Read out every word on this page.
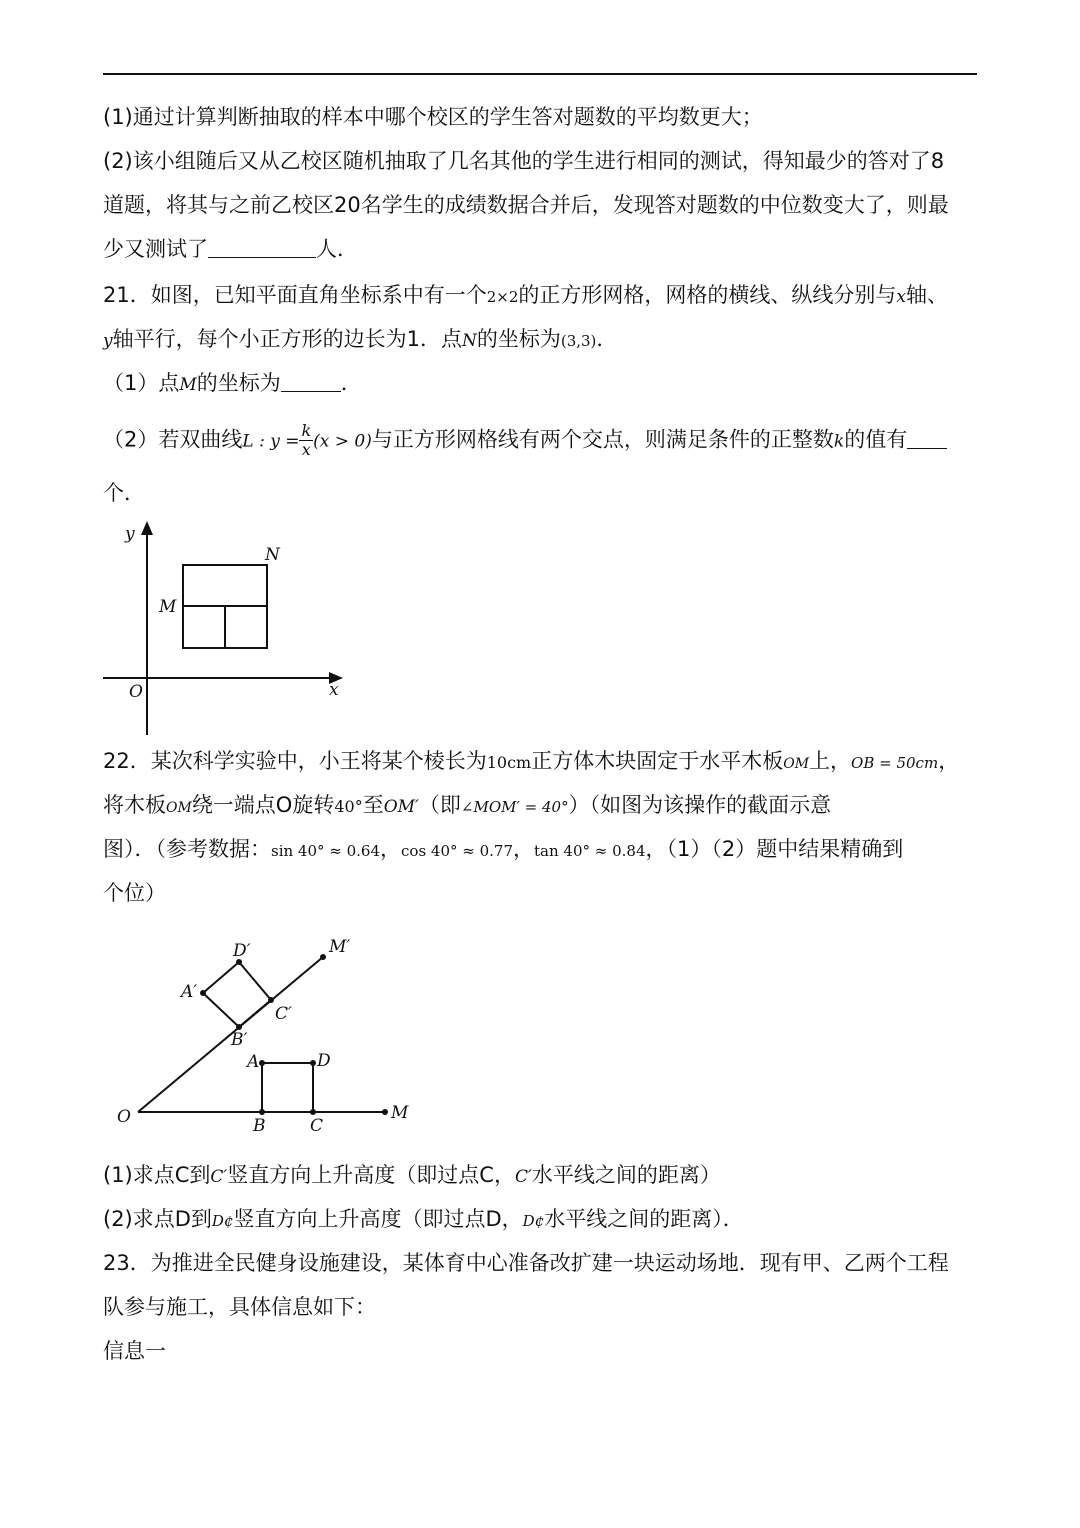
(1)通过计算判断抽取的样本中哪个校区的学生答对题数的平均数更大；
(2)该小组随后又从乙校区随机抽取了几名其他的学生进行相同的测试，得知最少的答对了8
道题，将其与之前乙校区20名学生的成绩数据合并后，发现答对题数的中位数变大了，则最
少又测试了	人．
21．如图，已知平面直角坐标系中有一个2×2的正方形网格，网格的横线、纵线分别与x轴、
y轴平行，每个小正方形的边长为1．点N的坐标为(3,3)．
（1）点M的坐标为	．
（2）若双曲线L : $y = \frac{k}{x} (x > 0)$与正方形网格线有两个交点，则满足条件的正整数k的值有
个．
y
x
O
M
N
22．某次科学实验中，小王将某个棱长为10cm正方体木块固定于水平木板OM上，OB = 50cm，
将木板OM绕一端点O旋转40°至OM′（即∠MOM′ = 40°）（如图为该操作的截面示意
图）．（参考数据：sin 40° ≈ 0.64，cos 40° ≈ 0.77，tan 40° ≈ 0.84，（1）（2）题中结果精确到
个位）
O	M
M′
A
B	C
D
A′
B′
C′
D′
(1)求点C到C′竖直方向上升高度（即过点C，C′水平线之间的距离）
(2)求点D到D¢竖直方向上升高度（即过点D，D¢水平线之间的距离）．
23．为推进全民健身设施建设，某体育中心准备改扩建一块运动场地．现有甲、乙两个工程
队参与施工，具体信息如下：
信息一
